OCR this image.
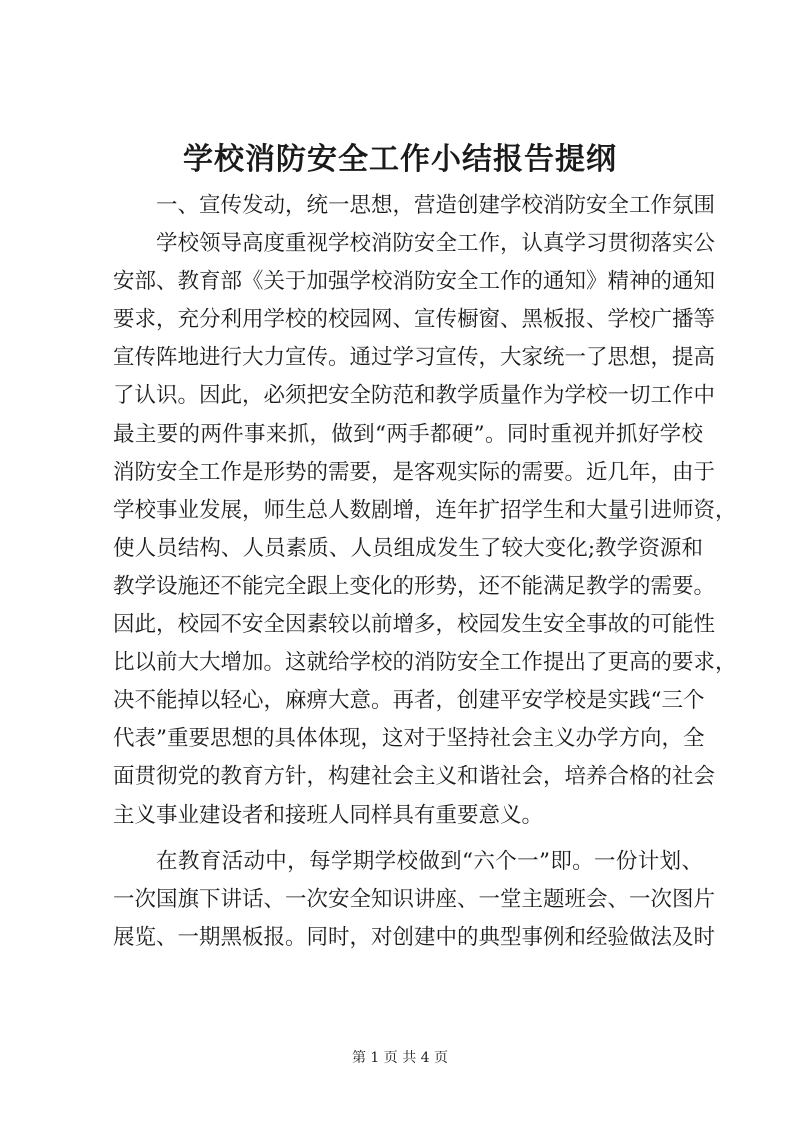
学校消防安全工作小结报告提纲
一、宣传发动，统一思想，营造创建学校消防安全工作氛围
学校领导高度重视学校消防安全工作，认真学习贯彻落实公
安部、教育部《关于加强学校消防安全工作的通知》精神的通知
要求，充分利用学校的校园网、宣传橱窗、黑板报、学校广播等
宣传阵地进行大力宣传。通过学习宣传，大家统一了思想，提高
了认识。因此，必须把安全防范和教学质量作为学校一切工作中
最主要的两件事来抓，做到“两手都硬”。同时重视并抓好学校
消防安全工作是形势的需要，是客观实际的需要。近几年，由于
学校事业发展，师生总人数剧增，连年扩招学生和大量引进师资，
使人员结构、人员素质、人员组成发生了较大变化;教学资源和
教学设施还不能完全跟上变化的形势，还不能满足教学的需要。
因此，校园不安全因素较以前增多，校园发生安全事故的可能性
比以前大大增加。这就给学校的消防安全工作提出了更高的要求，
决不能掉以轻心，麻痹大意。再者，创建平安学校是实践“三个
代表”重要思想的具体体现，这对于坚持社会主义办学方向，全
面贯彻党的教育方针，构建社会主义和谐社会，培养合格的社会
主义事业建设者和接班人同样具有重要意义。
在教育活动中，每学期学校做到“六个一”即。一份计划、
一次国旗下讲话、一次安全知识讲座、一堂主题班会、一次图片
展览、一期黑板报。同时，对创建中的典型事例和经验做法及时
第 1 页 共 4 页
